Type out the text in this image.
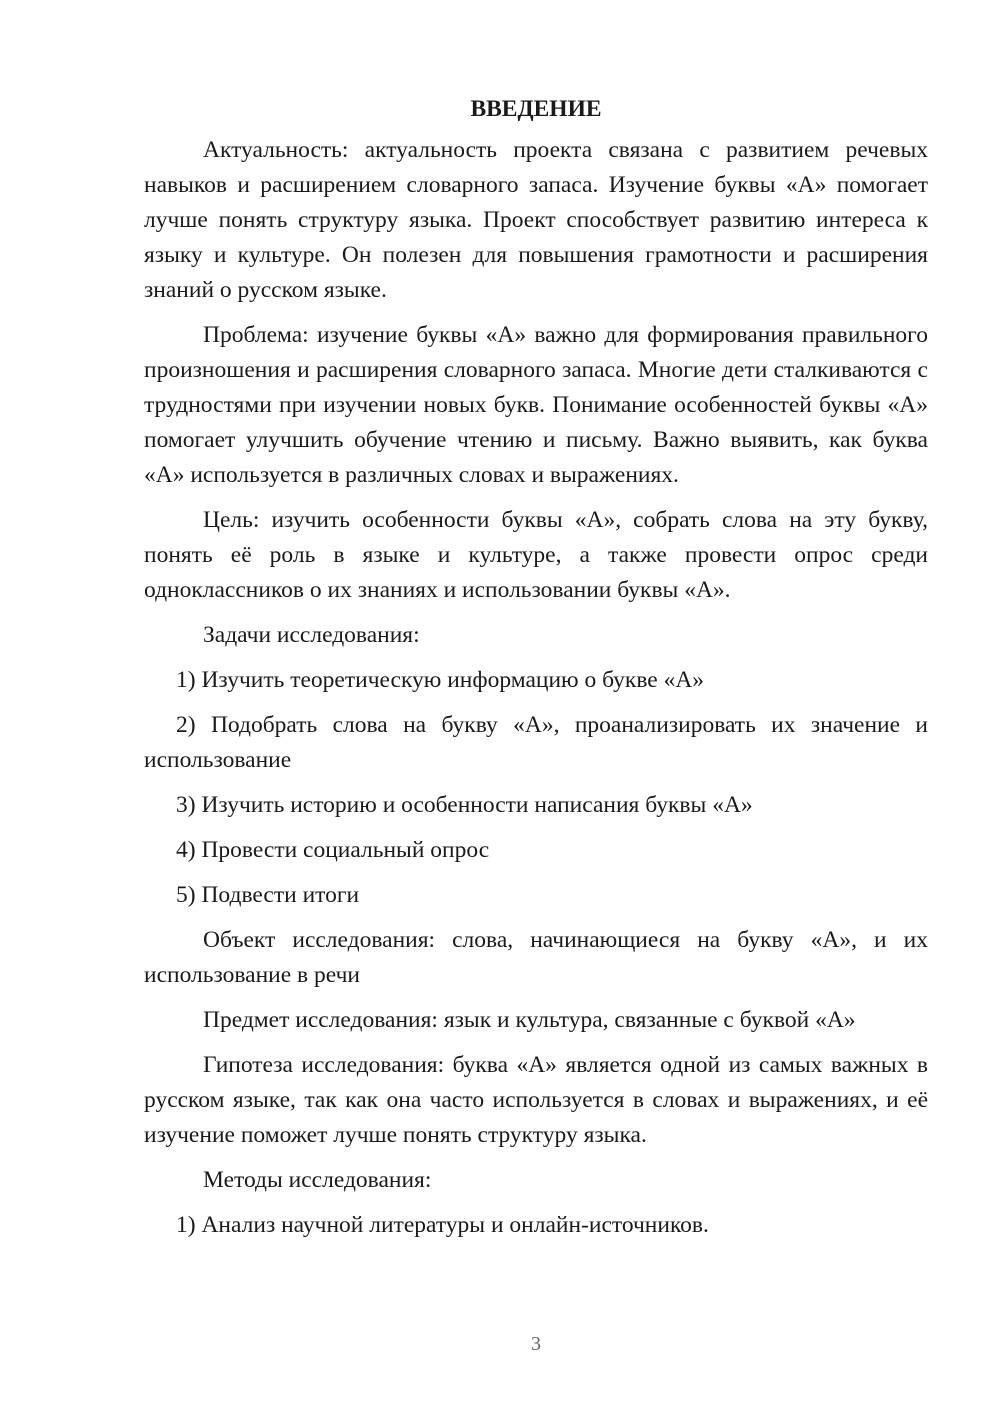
ВВЕДЕНИЕ

Актуальность: актуальность проекта связана с развитием речевых навыков и расширением словарного запаса. Изучение буквы «А» помогает лучше понять структуру языка. Проект способствует развитию интереса к языку и культуре. Он полезен для повышения грамотности и расширения знаний о русском языке.

Проблема: изучение буквы «А» важно для формирования правильного произношения и расширения словарного запаса. Многие дети сталкиваются с трудностями при изучении новых букв. Понимание особенностей буквы «А» помогает улучшить обучение чтению и письму. Важно выявить, как буква «А» используется в различных словах и выражениях.

Цель: изучить особенности буквы «А», собрать слова на эту букву, понять её роль в языке и культуре, а также провести опрос среди одноклассников о их знаниях и использовании буквы «А».

Задачи исследования:

1) Изучить теоретическую информацию о букве «А»

2) Подобрать слова на букву «А», проанализировать их значение и использование

3) Изучить историю и особенности написания буквы «А»

4) Провести социальный опрос

5) Подвести итоги

Объект исследования: слова, начинающиеся на букву «А», и их использование в речи

Предмет исследования: язык и культура, связанные с буквой «А»

Гипотеза исследования: буква «А» является одной из самых важных в русском языке, так как она часто используется в словах и выражениях, и её изучение поможет лучше понять структуру языка.

Методы исследования:

1) Анализ научной литературы и онлайн-источников.

3
